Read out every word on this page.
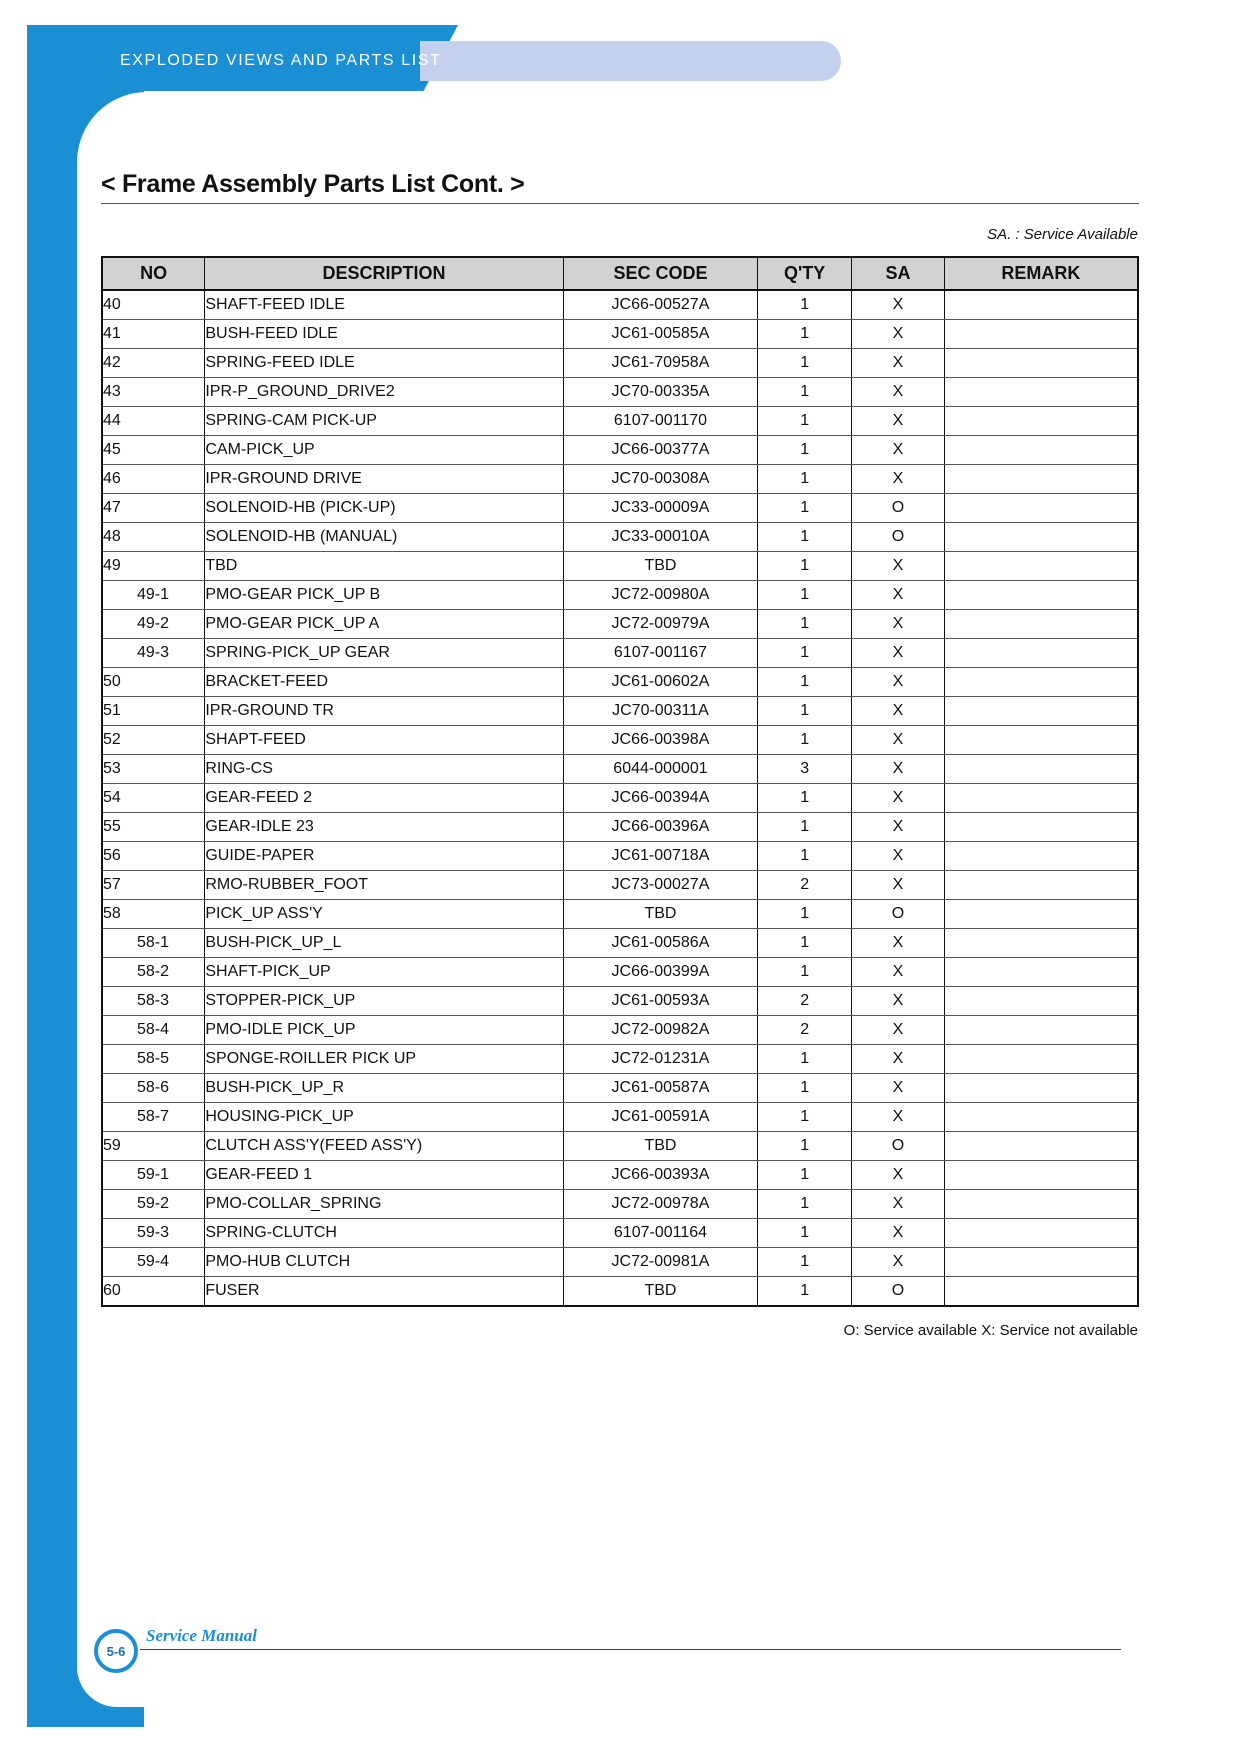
EXPLODED VIEWS AND PARTS LIST
< Frame Assembly Parts List Cont. >
SA. : Service Available
NO	DESCRIPTION	SEC CODE	Q'TY	SA	REMARK
40	SHAFT-FEED IDLE	JC66-00527A	1	X	
41	BUSH-FEED IDLE	JC61-00585A	1	X	
42	SPRING-FEED IDLE	JC61-70958A	1	X	
43	IPR-P_GROUND_DRIVE2	JC70-00335A	1	X	
44	SPRING-CAM PICK-UP	6107-001170	1	X	
45	CAM-PICK_UP	JC66-00377A	1	X	
46	IPR-GROUND DRIVE	JC70-00308A	1	X	
47	SOLENOID-HB (PICK-UP)	JC33-00009A	1	O	
48	SOLENOID-HB (MANUAL)	JC33-00010A	1	O	
49	TBD	TBD	1	X	
49-1	PMO-GEAR PICK_UP B	JC72-00980A	1	X	
49-2	PMO-GEAR PICK_UP A	JC72-00979A	1	X	
49-3	SPRING-PICK_UP GEAR	6107-001167	1	X	
50	BRACKET-FEED	JC61-00602A	1	X	
51	IPR-GROUND TR	JC70-00311A	1	X	
52	SHAPT-FEED	JC66-00398A	1	X	
53	RING-CS	6044-000001	3	X	
54	GEAR-FEED 2	JC66-00394A	1	X	
55	GEAR-IDLE 23	JC66-00396A	1	X	
56	GUIDE-PAPER	JC61-00718A	1	X	
57	RMO-RUBBER_FOOT	JC73-00027A	2	X	
58	PICK_UP ASS'Y	TBD	1	O	
58-1	BUSH-PICK_UP_L	JC61-00586A	1	X	
58-2	SHAFT-PICK_UP	JC66-00399A	1	X	
58-3	STOPPER-PICK_UP	JC61-00593A	2	X	
58-4	PMO-IDLE PICK_UP	JC72-00982A	2	X	
58-5	SPONGE-ROILLER PICK UP	JC72-01231A	1	X	
58-6	BUSH-PICK_UP_R	JC61-00587A	1	X	
58-7	HOUSING-PICK_UP	JC61-00591A	1	X	
59	CLUTCH ASS'Y(FEED ASS'Y)	TBD	1	O	
59-1	GEAR-FEED 1	JC66-00393A	1	X	
59-2	PMO-COLLAR_SPRING	JC72-00978A	1	X	
59-3	SPRING-CLUTCH	6107-001164	1	X	
59-4	PMO-HUB CLUTCH	JC72-00981A	1	X	
60	FUSER	TBD	1	O	
O: Service available X: Service not available
5-6
Service Manual
